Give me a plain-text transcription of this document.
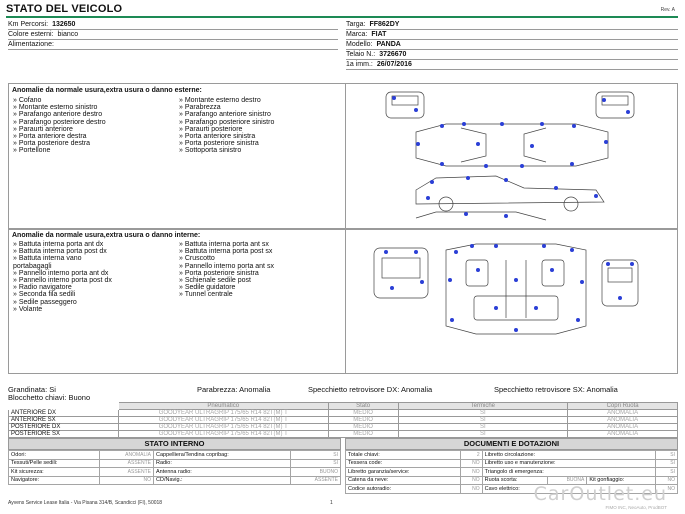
STATO DEL VEICOLO	Rev. A
Km Percorsi: 132650
Colore esterni: bianco
Alimentazione:
Targa: FF862DY
Marca: FIAT
Modello: PANDA
Telaio N.: 3726670
1a imm.: 26/07/2016
Anomalie da normale usura,extra usura o danno esterne:
» Cofano
» Montante esterno sinistro
» Parafango anteriore destro
» Parafango posteriore destro
» Paraurti anteriore
» Porta anteriore destra
» Porta posteriore destra
» Portellone
» Montante esterno destro
» Parabrezza
» Parafango anteriore sinistro
» Parafango posteriore sinistro
» Paraurti posteriore
» Porta anteriore sinistra
» Porta posteriore sinistra
» Sottoporta sinistro
Anomalie da normale usura,extra usura o danno interne:
» Battuta interna porta ant dx
» Battuta interna porta post dx
» Battuta interna vano
portabagagli
» Pannello interno porta ant dx
» Pannello interno porta post dx
» Radio navigatore
» Seconda fila sedili
» Sedile passeggero
» Volante
» Battuta interna porta ant sx
» Battuta interna porta post sx
» Cruscotto
» Pannello interno porta ant sx
» Porta posteriore sinistra
» Schienale sedile post
» Sedile guidatore
» Tunnel centrale
Grandinata: Si	Parabrezza: Anomalia	Specchietto retrovisore DX: Anomalia	Specchietto retrovisore SX: Anomalia
Blocchetto chiavi: Buono
	Pneumatico	Stato	Termiche	Copri Ruota
ANTERIORE DX	GOODYEAR ULTRAGRIP 175/65 R14 82T(M) T	MEDIO	SI	ANOMALIA
ANTERIORE SX	GOODYEAR ULTRAGRIP 175/65 R14 82T(M) T	MEDIO	SI	ANOMALIA
POSTERIORE DX	GOODYEAR ULTRAGRIP 175/65 R14 82T(M) T	MEDIO	SI	ANOMALIA
POSTERIORE SX	GOODYEAR ULTRAGRIP 175/65 R14 82T(M) T	MEDIO	SI	ANOMALIA
STATO INTERNO
Odori:	ANOMALIA	Cappelliera/Tendina copribag:	SI
Tessuti/Pelle sedili:	ASSENTE	Radio:	SI
Kit sicurezza:	ASSENTE	Antenna radio:	BUONO
Navigatore:	NO	CD/Navig.:	ASSENTE
DOCUMENTI E DOTAZIONI
Totale chiavi:	2	Libretto circolazione:			SI
Tessera code:	NO	Libretto uso e manutenzione:			SI
Libretto garanzia/service:	NO	Triangolo di emergenza:			SI
Catena da neve:	NO	Ruota scorta:	BUONA	Kit gonfiaggio:	NO
Codice autoradio:	NO	Cavo elettrico:			NO
Ayvens Service Lease Italia - Via Pisana 314/B, Scandicci (FI), 50018	1	CarOutlet.eu
FIMO INC, NeoAuto, ProdBOT
